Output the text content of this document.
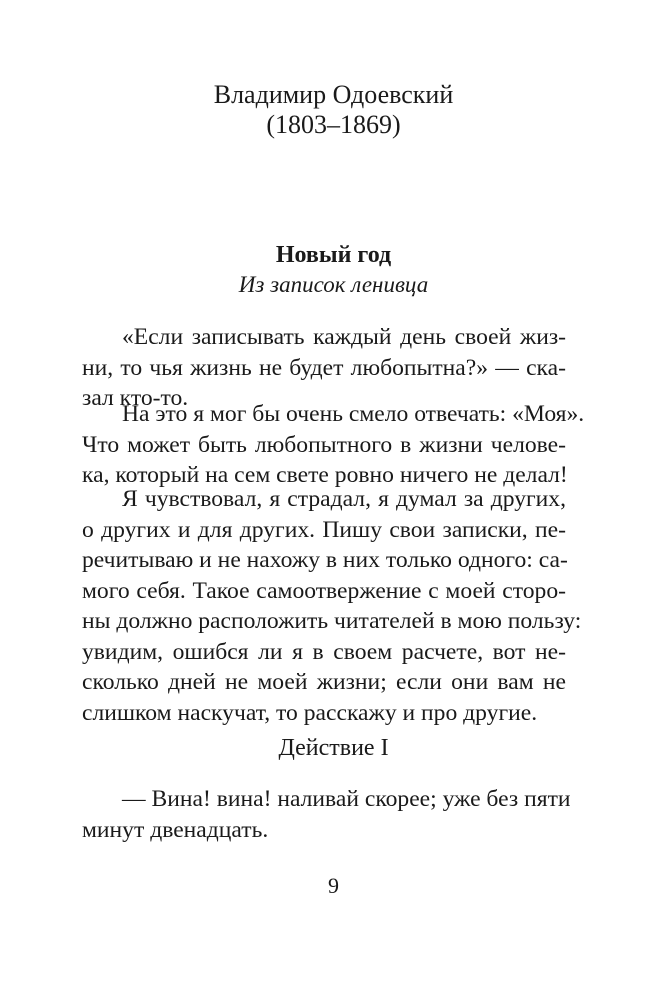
Владимир Одоевский
(1803–1869)
Новый год
Из записок ленивца
«Если записывать каждый день своей жиз-
ни, то чья жизнь не будет любопытна?» — ска-
зал кто-то.
На это я мог бы очень смело отвечать: «Моя».
Что может быть любопытного в жизни челове-
ка, который на сем свете ровно ничего не делал!
Я чувствовал, я страдал, я думал за других,
о других и для других. Пишу свои записки, пе-
речитываю и не нахожу в них только одного: са-
мого себя. Такое самоотвержение с моей сторо-
ны должно расположить читателей в мою пользу:
увидим, ошибся ли я в своем расчете, вот не-
сколько дней не моей жизни; если они вам не
слишком наскучат, то расскажу и про другие.
Действие I
— Вина! вина! наливай скорее; уже без пяти
минут двенадцать.
9
